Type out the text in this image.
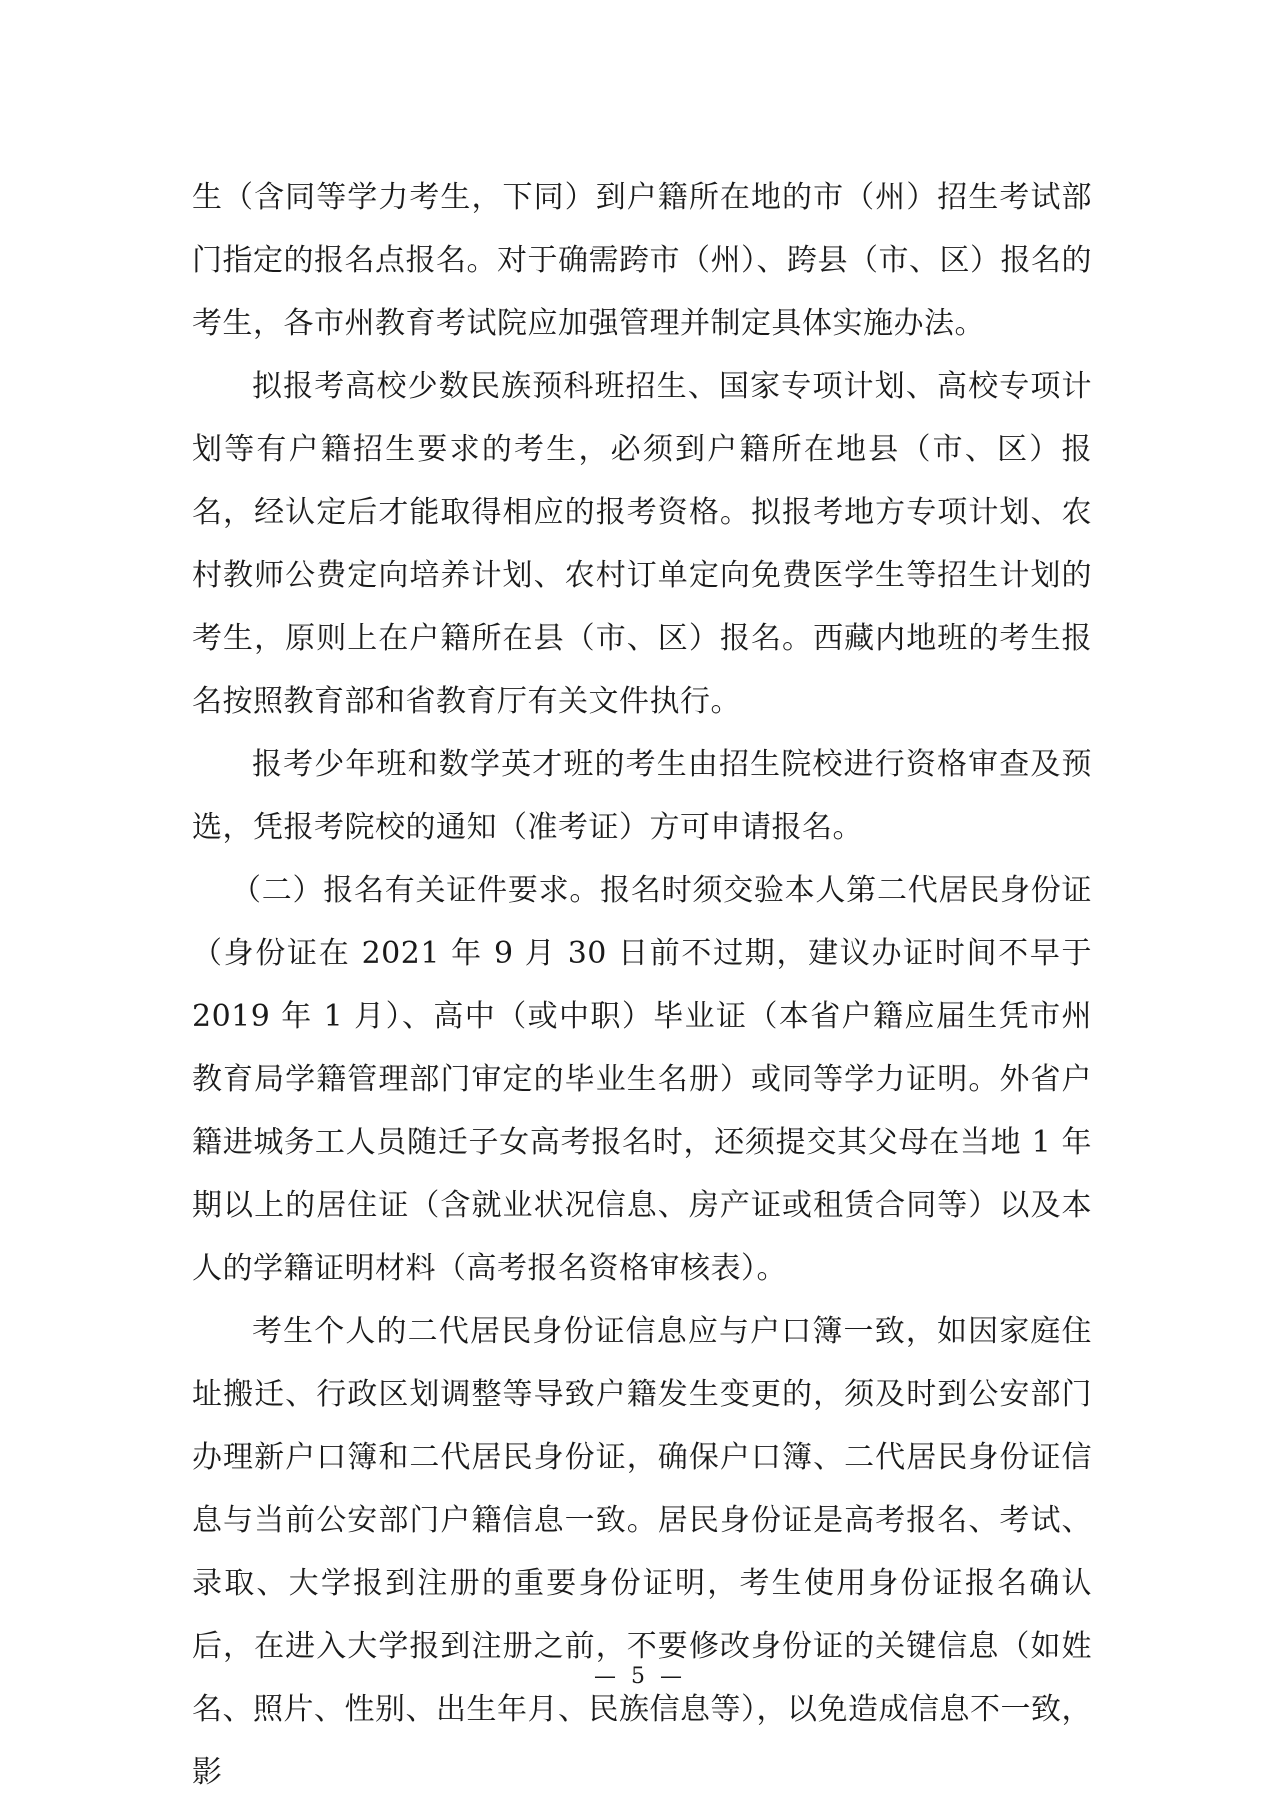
生（含同等学力考生，下同）到户籍所在地的市（州）招生考试部门指定的报名点报名。对于确需跨市（州）、跨县（市、区）报名的考生，各市州教育考试院应加强管理并制定具体实施办法。

拟报考高校少数民族预科班招生、国家专项计划、高校专项计划等有户籍招生要求的考生，必须到户籍所在地县（市、区）报名，经认定后才能取得相应的报考资格。拟报考地方专项计划、农村教师公费定向培养计划、农村订单定向免费医学生等招生计划的考生，原则上在户籍所在县（市、区）报名。西藏内地班的考生报名按照教育部和省教育厅有关文件执行。

报考少年班和数学英才班的考生由招生院校进行资格审查及预选，凭报考院校的通知（准考证）方可申请报名。

（二）报名有关证件要求。报名时须交验本人第二代居民身份证（身份证在 2021 年 9 月 30 日前不过期，建议办证时间不早于 2019 年 1 月）、高中（或中职）毕业证（本省户籍应届生凭市州教育局学籍管理部门审定的毕业生名册）或同等学力证明。外省户籍进城务工人员随迁子女高考报名时，还须提交其父母在当地 1 年期以上的居住证（含就业状况信息、房产证或租赁合同等）以及本人的学籍证明材料（高考报名资格审核表）。

考生个人的二代居民身份证信息应与户口簿一致，如因家庭住址搬迁、行政区划调整等导致户籍发生变更的，须及时到公安部门办理新户口簿和二代居民身份证，确保户口簿、二代居民身份证信息与当前公安部门户籍信息一致。居民身份证是高考报名、考试、录取、大学报到注册的重要身份证明，考生使用身份证报名确认后，在进入大学报到注册之前，不要修改身份证的关键信息（如姓名、照片、性别、出生年月、民族信息等），以免造成信息不一致，影

— 5 —
